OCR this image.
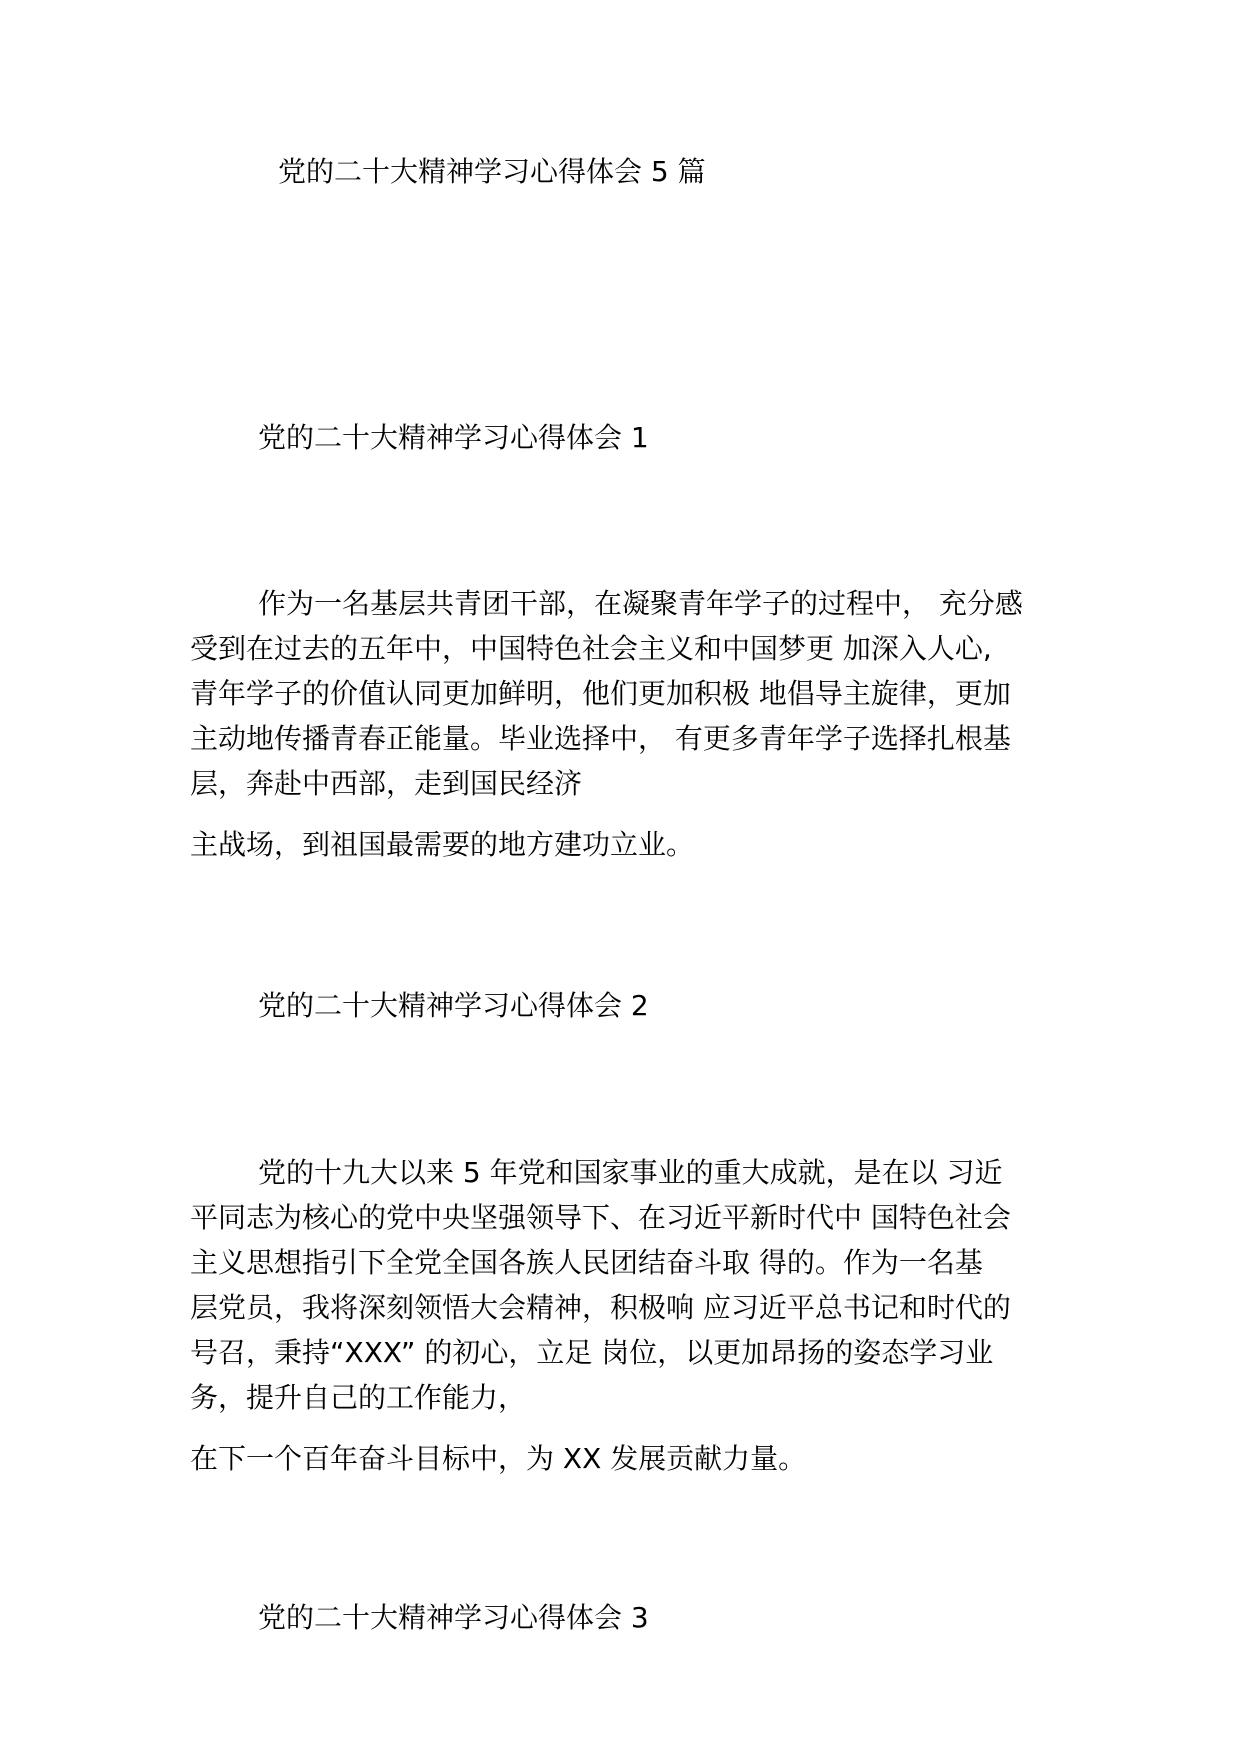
党的二十大精神学习心得体会 5 篇
党的二十大精神学习心得体会 1
作为一名基层共青团干部，在凝聚青年学子的过程中， 充分感
受到在过去的五年中，中国特色社会主义和中国梦更 加深入人心,
青年学子的价值认同更加鲜明，他们更加积极 地倡导主旋律，更加
主动地传播青春正能量。毕业选择中， 有更多青年学子选择扎根基
层，奔赴中西部，走到国民经济
主战场，到祖国最需要的地方建功立业。
党的二十大精神学习心得体会 2
党的十九大以来 5 年党和国家事业的重大成就，是在以 习近
平同志为核心的党中央坚强领导下、在习近平新时代中 国特色社会
主义思想指引下全党全国各族人民团结奋斗取 得的。作为一名基
层党员，我将深刻领悟大会精神，积极响 应习近平总书记和时代的
号召，秉持“XXX” 的初心，立足 岗位，以更加昂扬的姿态学习业
务，提升自己的工作能力，
在下一个百年奋斗目标中，为 XX 发展贡献力量。
党的二十大精神学习心得体会 3
